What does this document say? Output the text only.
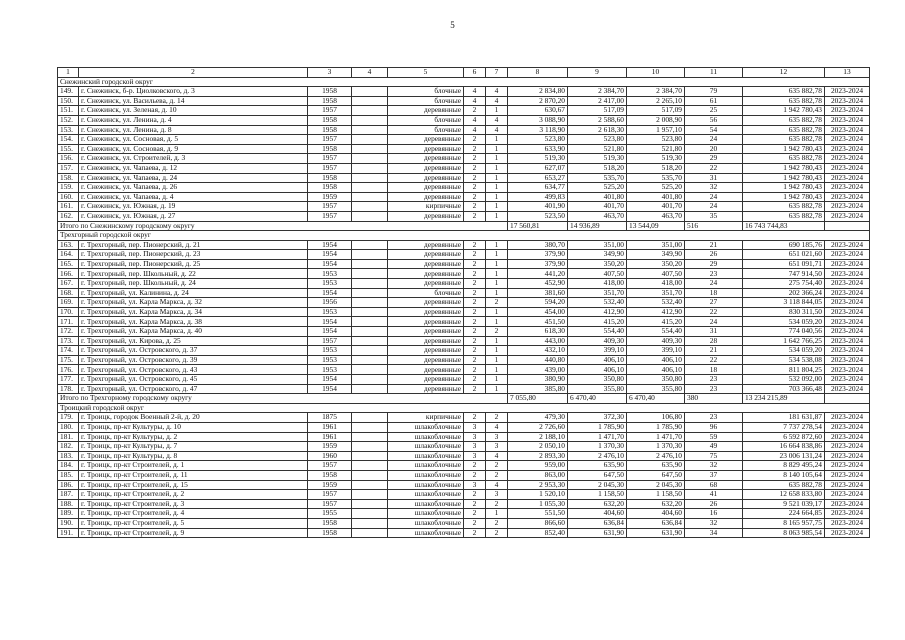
5
1	2	3	4	5	6	7	8	9	10	11	12	13
Снежинский городской округ												
149.	г. Снежинск, б-р. Циолковского, д. 3	1958		блочные	4	4	2 834,80	2 384,70	2 384,70	79	635 882,78	2023-2024
150.	г. Снежинск, ул. Васильева, д. 14	1958		блочные	4	4	2 870,20	2 417,00	2 265,10	61	635 882,78	2023-2024
151.	г. Снежинск, ул. Зеленая, д. 10	1957		деревянные	2	1	630,67	517,09	517,09	25	1 942 780,43	2023-2024
152.	г. Снежинск, ул. Ленина, д. 4	1958		блочные	4	4	3 088,90	2 588,60	2 008,90	56	635 882,78	2023-2024
153.	г. Снежинск, ул. Ленина, д. 8	1958		блочные	4	4	3 118,90	2 618,30	1 957,10	54	635 882,78	2023-2024
154.	г. Снежинск, ул. Сосновая, д. 5	1957		деревянные	2	1	523,80	523,80	523,80	24	635 882,78	2023-2024
155.	г. Снежинск, ул. Сосновая, д. 9	1958		деревянные	2	1	633,90	521,80	521,80	20	1 942 780,43	2023-2024
156.	г. Снежинск, ул. Строителей, д. 3	1957		деревянные	2	1	519,30	519,30	519,30	29	635 882,78	2023-2024
157.	г. Снежинск, ул. Чапаева, д. 12	1957		деревянные	2	1	627,07	518,20	518,20	22	1 942 780,43	2023-2024
158.	г. Снежинск, ул. Чапаева, д. 24	1958		деревянные	2	1	653,27	535,70	535,70	31	1 942 780,43	2023-2024
159.	г. Снежинск, ул. Чапаева, д. 26	1958		деревянные	2	1	634,77	525,20	525,20	32	1 942 780,43	2023-2024
160.	г. Снежинск, ул. Чапаева, д. 4	1959		деревянные	2	1	499,83	401,80	401,80	24	1 942 780,43	2023-2024
161.	г. Снежинск, ул. Южная, д. 19	1957		кирпичные	2	1	401,90	401,70	401,70	24	635 882,78	2023-2024
162.	г. Снежинск, ул. Южная, д. 27	1957		деревянные	2	1	523,50	463,70	463,70	35	635 882,78	2023-2024
Итого по Снежинскому городскому округу							17 560,81	14 936,89	13 544,09	516	16 743 744,83	
Трехгорный городской округ												
163.	г. Трехгорный, пер. Пионерский, д. 21	1954		деревянные	2	1	380,70	351,00	351,00	21	690 185,76	2023-2024
164.	г. Трехгорный, пер. Пионерский, д. 23	1954		деревянные	2	1	379,90	349,90	349,90	26	651 021,60	2023-2024
165.	г. Трехгорный, пер. Пионерский, д. 25	1954		деревянные	2	1	379,90	350,20	350,20	29	651 091,71	2023-2024
166.	г. Трехгорный, пер. Школьный, д. 22	1953		деревянные	2	1	441,20	407,50	407,50	23	747 914,50	2023-2024
167.	г. Трехгорный, пер. Школьный, д. 24	1953		деревянные	2	1	452,90	418,00	418,00	24	275 754,40	2023-2024
168.	г. Трехгорный, ул. Калинина, д. 24	1954		блочные	2	1	381,60	351,70	351,70	18	202 366,24	2023-2024
169.	г. Трехгорный, ул. Карла Маркса, д. 32	1956		деревянные	2	2	594,20	532,40	532,40	27	3 118 844,05	2023-2024
170.	г. Трехгорный, ул. Карла Маркса, д. 34	1953		деревянные	2	1	454,00	412,90	412,90	22	830 311,50	2023-2024
171.	г. Трехгорный, ул. Карла Маркса, д. 38	1954		деревянные	2	1	451,50	415,20	415,20	24	534 059,20	2023-2024
172.	г. Трехгорный, ул. Карла Маркса, д. 40	1954		деревянные	2	2	618,30	554,40	554,40	31	774 040,56	2023-2024
173.	г. Трехгорный, ул. Кирова, д. 25	1957		деревянные	2	1	443,00	409,30	409,30	28	1 642 766,25	2023-2024
174.	г. Трехгорный, ул. Островского, д. 37	1953		деревянные	2	1	432,10	399,10	399,10	21	534 059,20	2023-2024
175.	г. Трехгорный, ул. Островского, д. 39	1953		деревянные	2	1	440,80	406,10	406,10	22	534 538,08	2023-2024
176.	г. Трехгорный, ул. Островского, д. 43	1953		деревянные	2	1	439,00	406,10	406,10	18	811 804,25	2023-2024
177.	г. Трехгорный, ул. Островского, д. 45	1954		деревянные	2	1	380,90	350,80	350,80	23	532 092,00	2023-2024
178.	г. Трехгорный, ул. Островского, д. 47	1954		деревянные	2	1	385,80	355,80	355,80	23	703 366,48	2023-2024
Итого по Трехгорному городскому округу							7 055,80	6 470,40	6 470,40	380	13 234 215,89	
Троицкий городской округ												
179.	г. Троицк, городок Военный 2-й, д. 20	1875		кирпичные	2	2	479,30	372,30	106,80	23	181 631,87	2023-2024
180.	г. Троицк, пр-кт Культуры, д. 10	1961		шлакоблочные	3	4	2 726,60	1 785,90	1 785,90	96	7 737 278,54	2023-2024
181.	г. Троицк, пр-кт Культуры, д. 2	1961		шлакоблочные	3	3	2 188,10	1 471,70	1 471,70	59	6 592 872,60	2023-2024
182.	г. Троицк, пр-кт Культуры, д. 7	1959		шлакоблочные	3	3	2 050,10	1 370,30	1 370,30	49	16 664 838,86	2023-2024
183.	г. Троицк, пр-кт Культуры, д. 8	1960		шлакоблочные	3	4	2 893,30	2 476,10	2 476,10	75	23 006 131,24	2023-2024
184.	г. Троицк, пр-кт Строителей, д. 1	1957		шлакоблочные	2	2	959,00	635,90	635,90	32	8 829 495,24	2023-2024
185.	г. Троицк, пр-кт Строителей, д. 11	1958		шлакоблочные	2	2	863,00	647,50	647,50	37	8 140 105,64	2023-2024
186.	г. Троицк, пр-кт Строителей, д. 15	1959		шлакоблочные	3	4	2 953,30	2 045,30	2 045,30	68	635 882,78	2023-2024
187.	г. Троицк, пр-кт Строителей, д. 2	1957		шлакоблочные	2	3	1 520,10	1 158,50	1 158,50	41	12 658 833,80	2023-2024
188.	г. Троицк, пр-кт Строителей, д. 3	1957		шлакоблочные	2	2	1 055,30	632,20	632,20	26	9 521 039,17	2023-2024
189.	г. Троицк, пр-кт Строителей, д. 4	1955		шлакоблочные	2	1	551,50	404,60	404,60	16	224 664,85	2023-2024
190.	г. Троицк, пр-кт Строителей, д. 5	1958		шлакоблочные	2	2	866,60	636,84	636,84	32	8 165 957,75	2023-2024
191.	г. Троицк, пр-кт Строителей, д. 9	1958		шлакоблочные	2	2	852,40	631,90	631,90	34	8 063 985,54	2023-2024
